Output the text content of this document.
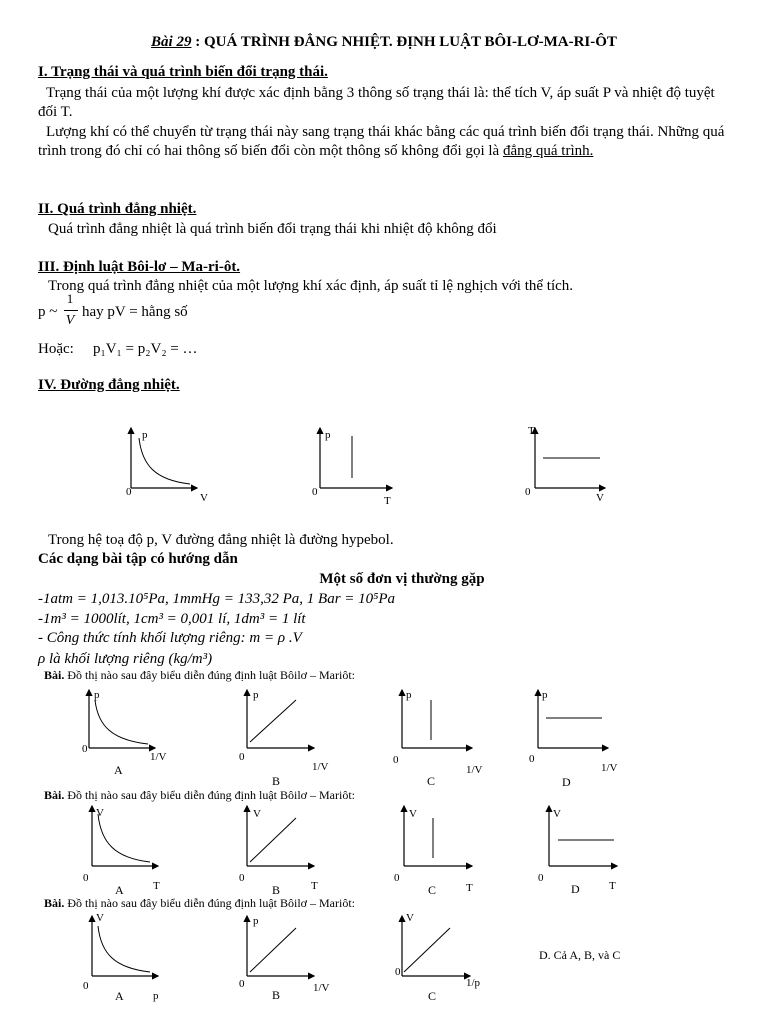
Bài 29 : QUÁ TRÌNH ĐẲNG NHIỆT. ĐỊNH LUẬT BÔI-LƠ-MA-RI-ÔT
I. Trạng thái và quá trình biến đổi trạng thái.
Trạng thái của một lượng khí được xác định bằng 3 thông số trạng thái là: thể tích V, áp suất P và nhiệt độ tuyệt đối T.
Lượng khí có thể chuyển từ trạng thái này sang trạng thái khác bằng các quá trình biến đổi trạng thái. Những quá trình trong đó chỉ có hai thông số biến đổi còn một thông số không đổi gọi là đẳng quá trình.
II. Quá trình đẳng nhiệt.
Quá trình đẳng nhiệt là quá trình biến đổi trạng thái khi nhiệt độ không đổi
III. Định luật Bôi-lơ – Ma-ri-ôt.
Trong quá trình đẳng nhiệt của một lượng khí xác định, áp suất tỉ lệ nghịch với thể tích.
p ~
1
V
hay pV = hằng số
Hoặc: p₁V₁ = p₂V₂ = …
IV. Đường đẳng nhiệt.
p
V
0
p
T
0
T
V
0
p
1/V
0
A
p
1/V
0
B
p
1/V
0
C
p
1/V
0
D
V
T
0
A
V
T
0
B
V
T
0
C
V
T
0
D
V
p
0
A
p
1/V
0
B
V
1/p
0
C
Trong hệ toạ độ p, V đường đẳng nhiệt là đường hypebol.
Các dạng bài tập có hướng dẫn
Một số đơn vị thường gặp
-1atm = 1,013.10⁵Pa, 1mmHg = 133,32 Pa, 1 Bar = 10⁵Pa
-1m³ = 1000lít, 1cm³ = 0,001 lí, 1dm³ = 1 lít
- Công thức tính khối lượng riêng: m = ρ .V
ρ là khối lượng riêng (kg/m³)
Bài. Đồ thị nào sau đây biểu diễn đúng định luật Bôilơ – Mariôt:
Bài. Đồ thị nào sau đây biểu diễn đúng định luật Bôilơ – Mariôt:
Bài. Đồ thị nào sau đây biểu diễn đúng định luật Bôilơ – Mariôt:
D. Cả A, B, và C
